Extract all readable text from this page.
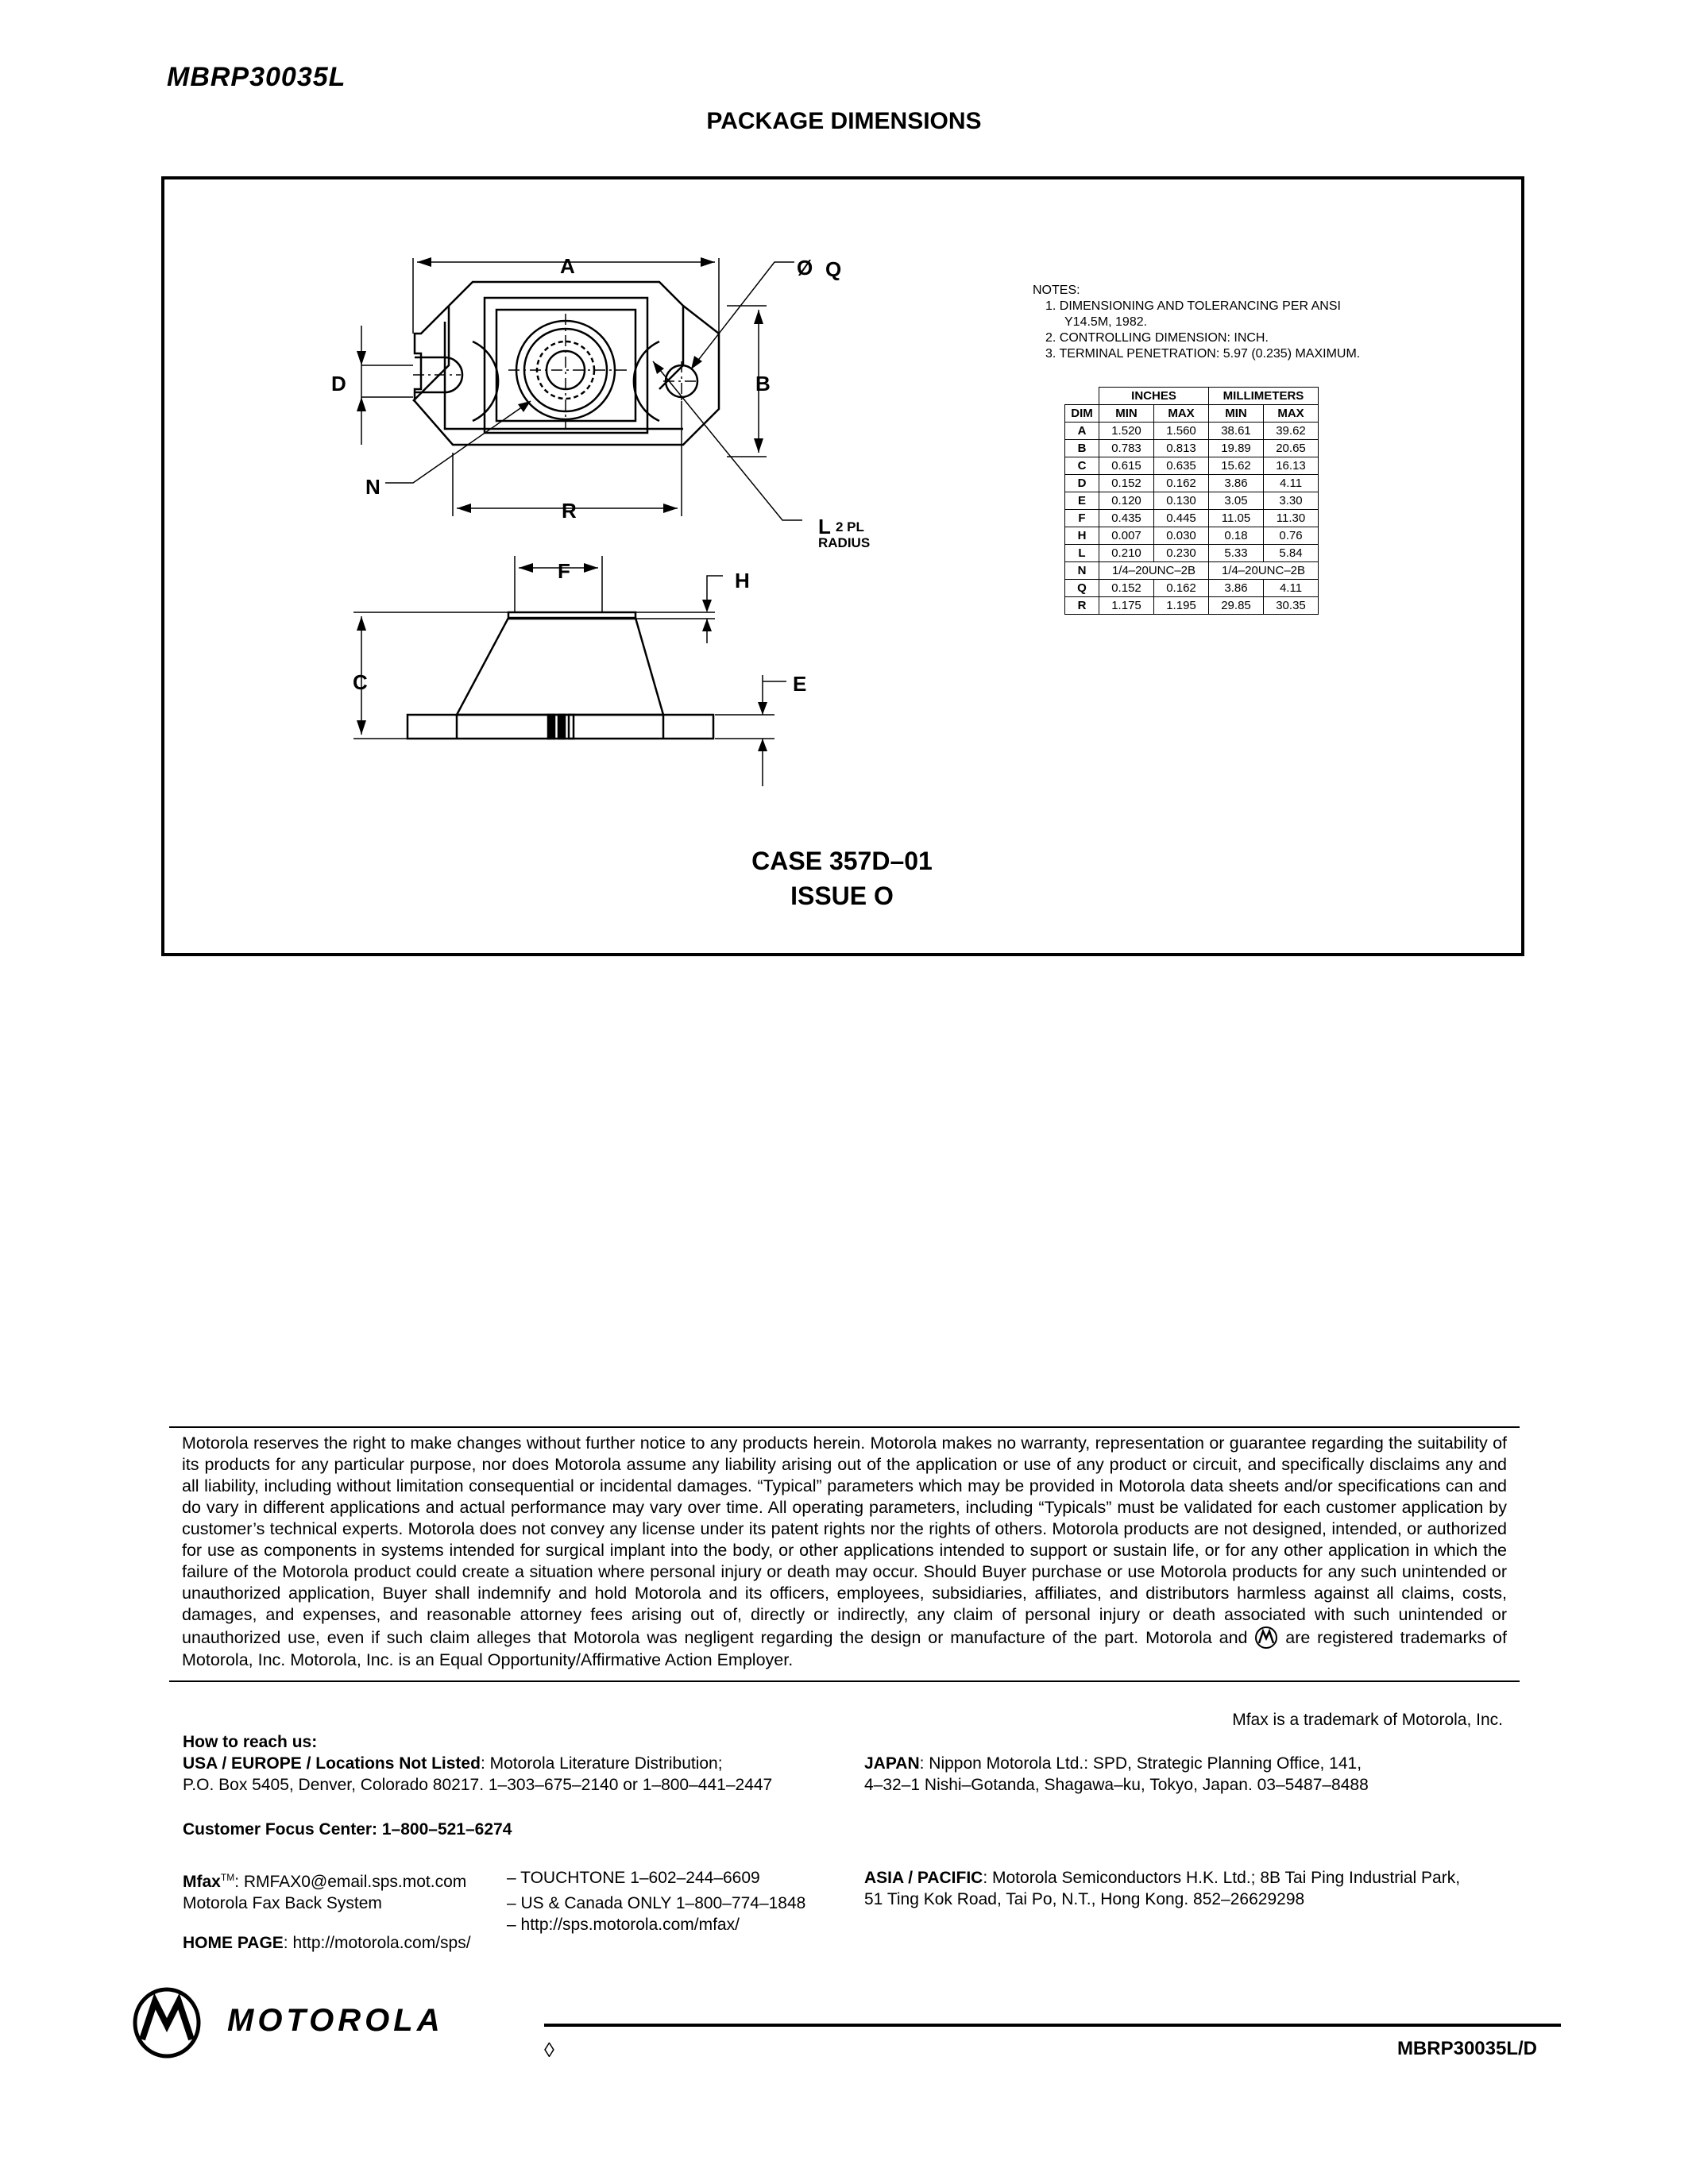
MBRP30035L
PACKAGE DIMENSIONS
A	Ø Q
B
D
N
R
L 2 PL
RADIUS
F	H
C	E
NOTES:
1. DIMENSIONING AND TOLERANCING PER ANSI
Y14.5M, 1982.
2. CONTROLLING DIMENSION: INCH.
3. TERMINAL PENETRATION: 5.97 (0.235) MAXIMUM.
	INCHES		MILLIMETERS	
DIM	MIN	MAX	MIN	MAX
A	1.520	1.560	38.61	39.62
B	0.783	0.813	19.89	20.65
C	0.615	0.635	15.62	16.13
D	0.152	0.162	3.86	4.11
E	0.120	0.130	3.05	3.30
F	0.435	0.445	11.05	11.30
H	0.007	0.030	0.18	0.76
L	0.210	0.230	5.33	5.84
N	1/4–20UNC–2B		1/4–20UNC–2B	
Q	0.152	0.162	3.86	4.11
R	1.175	1.195	29.85	30.35
CASE 357D–01
ISSUE O
Motorola reserves the right to make changes without further notice to any products herein. Motorola makes no warranty, representation or guarantee regarding the suitability of its products for any particular purpose, nor does Motorola assume any liability arising out of the application or use of any product or circuit, and specifically disclaims any and all liability, including without limitation consequential or incidental damages. “Typical” parameters which may be provided in Motorola data sheets and/or specifications can and do vary in different applications and actual performance may vary over time. All operating parameters, including “Typicals” must be validated for each customer application by customer’s technical experts. Motorola does not convey any license under its patent rights nor the rights of others. Motorola products are not designed, intended, or authorized for use as components in systems intended for surgical implant into the body, or other applications intended to support or sustain life, or for any other application in which the failure of the Motorola product could create a situation where personal injury or death may occur. Should Buyer purchase or use Motorola products for any such unintended or unauthorized application, Buyer shall indemnify and hold Motorola and its officers, employees, subsidiaries, affiliates, and distributors harmless against all claims, costs, damages, and expenses, and reasonable attorney fees arising out of, directly or indirectly, any claim of personal injury or death associated with such unintended or unauthorized use, even if such claim alleges that Motorola was negligent regarding the design or manufacture of the part. Motorola and are registered trademarks of Motorola, Inc. Motorola, Inc. is an Equal Opportunity/Affirmative Action Employer.
Mfax is a trademark of Motorola, Inc.
How to reach us:
USA / EUROPE / Locations Not Listed: Motorola Literature Distribution;
P.O. Box 5405, Denver, Colorado 80217. 1–303–675–2140 or 1–800–441–2447
JAPAN: Nippon Motorola Ltd.: SPD, Strategic Planning Office, 141,
4–32–1 Nishi–Gotanda, Shagawa–ku, Tokyo, Japan. 03–5487–8488
Customer Focus Center: 1–800–521–6274
Mfax™: RMFAX0@email.sps.mot.com	– TOUCHTONE 1–602–244–6609
Motorola Fax Back System	– US & Canada ONLY 1–800–774–1848
– http://sps.motorola.com/mfax/
ASIA / PACIFIC: Motorola Semiconductors H.K. Ltd.; 8B Tai Ping Industrial Park,
51 Ting Kok Road, Tai Po, N.T., Hong Kong. 852–26629298
HOME PAGE: http://motorola.com/sps/
MOTOROLA
◊	MBRP30035L/D
